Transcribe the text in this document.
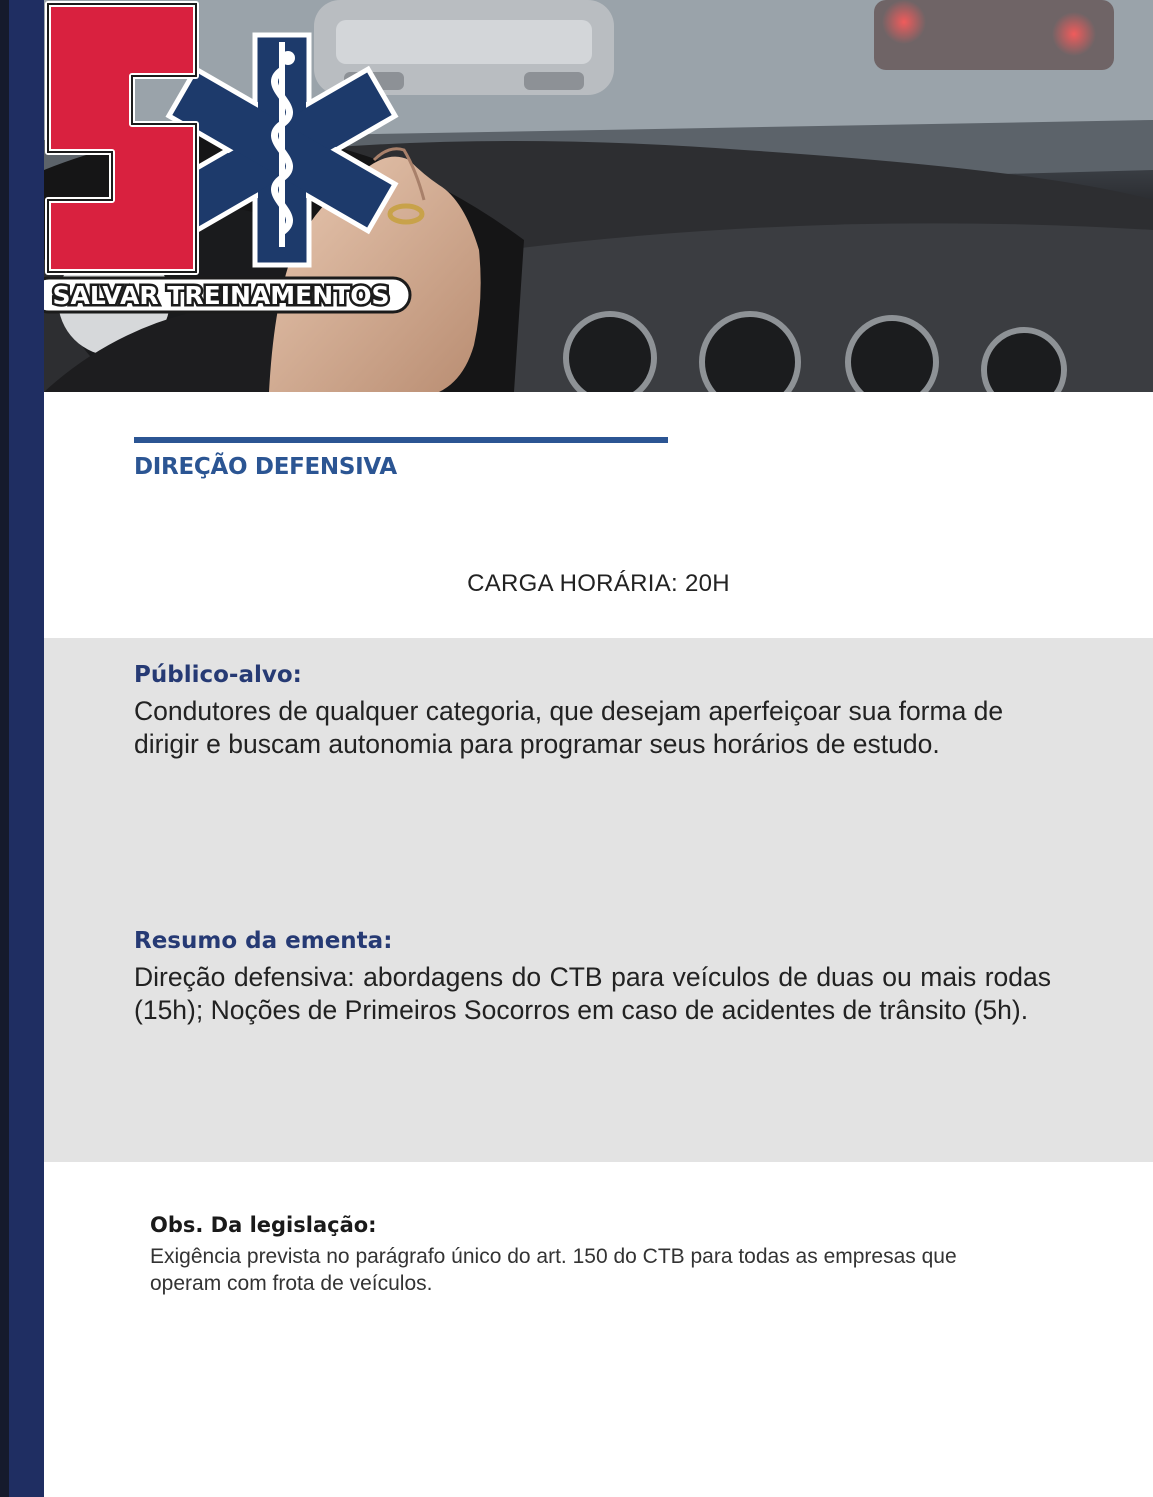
SALVAR TREINAMENTOS
DIREÇÃO DEFENSIVA
CARGA HORÁRIA: 20H
Público-alvo:

Condutores de qualquer categoria, que desejam aperfeiçoar sua forma de dirigir e buscam autonomia para programar seus horários de estudo.

Resumo da ementa:

Direção defensiva: abordagens do CTB para veículos de duas ou mais rodas (15h); Noções de Primeiros Socorros em caso de acidentes de trânsito (5h).

Obs. Da legislação:

Exigência prevista no parágrafo único do art. 150 do CTB para todas as empresas que operam com frota de veículos.
